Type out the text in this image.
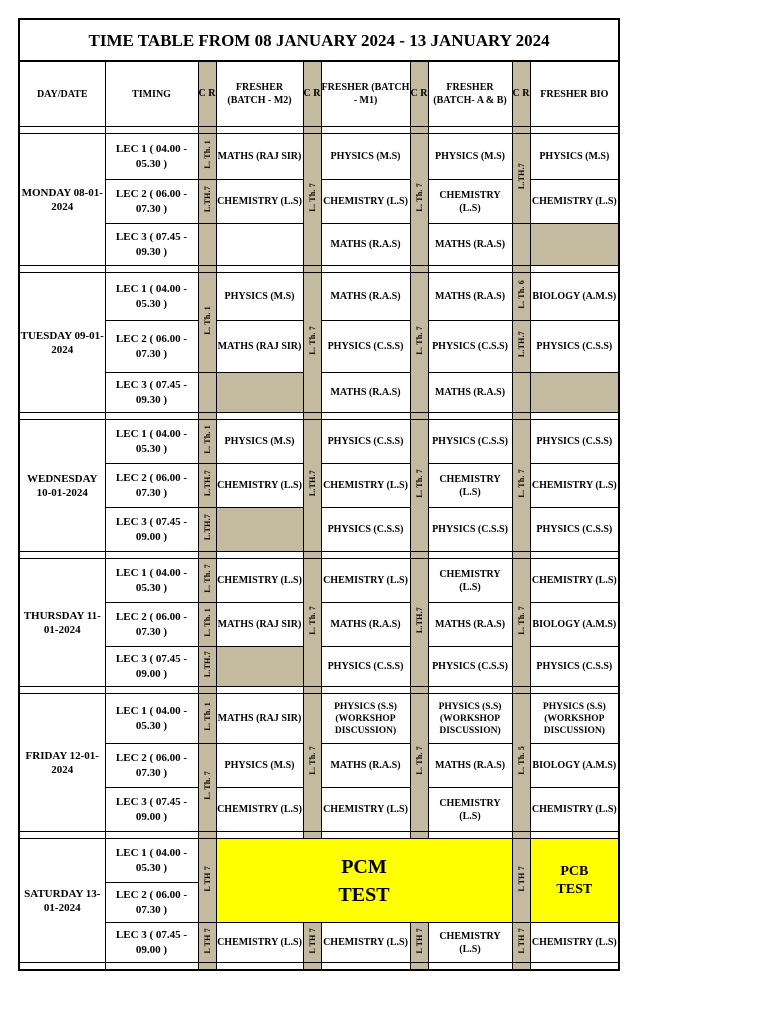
TIME TABLE FROM 08 JANUARY 2024 - 13 JANUARY 2024									
DAY/DATE	TIMING	C R	FRESHER (BATCH - M2)	C R	FRESHER (BATCH - M1)	C R	FRESHER (BATCH- A & B)	C R	FRESHER BIO

MONDAY 08-01-2024	LEC 1 ( 04.00 - 05.30 )	L. Th. 1	MATHS (RAJ SIR)	L. Th. 7	PHYSICS (M.S)	L. Th. 7	PHYSICS (M.S)	L.TH.7	PHYSICS (M.S)
	LEC 2 ( 06.00 - 07.30 )	L.TH.7	CHEMISTRY (L.S)		CHEMISTRY (L.S)		CHEMISTRY (L.S)		CHEMISTRY (L.S)
	LEC 3 ( 07.45 - 09.30 )				MATHS (R.A.S)		MATHS (R.A.S)		

TUESDAY 09-01-2024	LEC 1 ( 04.00 - 05.30 )	L. Th. 1	PHYSICS (M.S)	L. Th. 7	MATHS (R.A.S)	L. Th. 7	MATHS (R.A.S)	L. Th. 6	BIOLOGY (A.M.S)
	LEC 2 ( 06.00 - 07.30 )		MATHS (RAJ SIR)		PHYSICS (C.S.S)		PHYSICS (C.S.S)	L.TH.7	PHYSICS (C.S.S)
	LEC 3 ( 07.45 - 09.30 )				MATHS (R.A.S)		MATHS (R.A.S)		

WEDNESDAY 10-01-2024	LEC 1 ( 04.00 - 05.30 )	L. Th. 1	PHYSICS (M.S)	L.TH.7	PHYSICS (C.S.S)	L. Th. 7	PHYSICS (C.S.S)	L. Th. 7	PHYSICS (C.S.S)
	LEC 2 ( 06.00 - 07.30 )	L.TH.7	CHEMISTRY (L.S)		CHEMISTRY (L.S)		CHEMISTRY (L.S)		CHEMISTRY (L.S)
	LEC 3 ( 07.45 - 09.00 )	L.TH.7			PHYSICS (C.S.S)		PHYSICS (C.S.S)		PHYSICS (C.S.S)

THURSDAY 11-01-2024	LEC 1 ( 04.00 - 05.30 )	L. Th. 7	CHEMISTRY (L.S)	L. Th. 7	CHEMISTRY (L.S)	L.TH.7	CHEMISTRY (L.S)	L. Th. 7	CHEMISTRY (L.S)
	LEC 2 ( 06.00 - 07.30 )	L. Th. 1	MATHS (RAJ SIR)		MATHS (R.A.S)		MATHS (R.A.S)		BIOLOGY (A.M.S)
	LEC 3 ( 07.45 - 09.00 )	L.TH.7			PHYSICS (C.S.S)		PHYSICS (C.S.S)		PHYSICS (C.S.S)

FRIDAY 12-01-2024	LEC 1 ( 04.00 - 05.30 )	L. Th. 1	MATHS (RAJ SIR)	L. Th. 7	PHYSICS (S.S) (WORKSHOP DISCUSSION)	L. Th. 7	PHYSICS (S.S) (WORKSHOP DISCUSSION)	L. Th. 5	PHYSICS (S.S) (WORKSHOP DISCUSSION)
	LEC 2 ( 06.00 - 07.30 )	L. Th. 7	PHYSICS (M.S)		MATHS (R.A.S)		MATHS (R.A.S)		BIOLOGY (A.M.S)
	LEC 3 ( 07.45 - 09.00 )		CHEMISTRY (L.S)		CHEMISTRY (L.S)		CHEMISTRY (L.S)		CHEMISTRY (L.S)

SATURDAY 13-01-2024	LEC 1 ( 04.00 - 05.30 )	L TH 7	PCM TEST					L TH 7	PCB TEST
	LEC 2 ( 06.00 - 07.30 )								
	LEC 3 ( 07.45 - 09.00 )	L TH 7	CHEMISTRY (L.S)	L TH 7	CHEMISTRY (L.S)	L TH 7	CHEMISTRY (L.S)	L TH 7	CHEMISTRY (L.S)
